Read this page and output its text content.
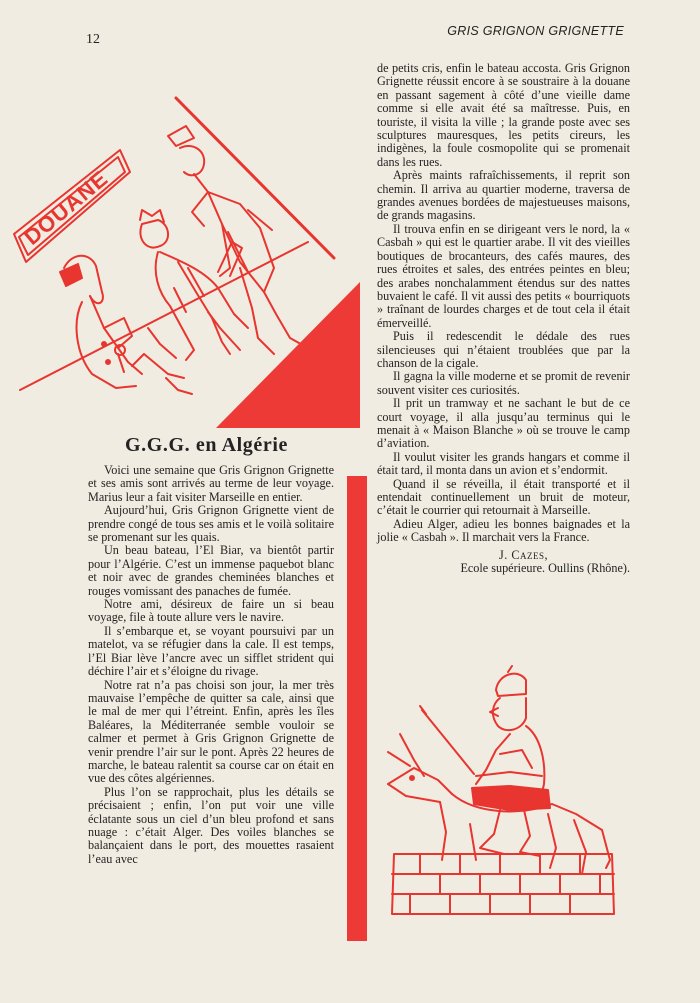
12
GRIS GRIGNON GRIGNETTE
DOUANE
G.G.G. en Algérie

Voici une semaine que Gris Grignon Grignette et ses amis sont arrivés au terme de leur voyage. Marius leur a fait visiter Marseille en entier.

Aujourd’hui, Gris Grignon Grignette vient de prendre congé de tous ses amis et le voilà solitaire se promenant sur les quais.

Un beau bateau, l’El Biar, va bientôt partir pour l’Algérie. C’est un immense paquebot blanc et noir avec de grandes cheminées blanches et rouges vomissant des panaches de fumée.

Notre ami, désireux de faire un si beau voyage, file à toute allure vers le navire.

Il s’embarque et, se voyant poursuivi par un matelot, va se réfugier dans la cale. Il est temps, l’El Biar lève l’ancre avec un sifflet strident qui déchire l’air et s’éloigne du rivage.

Notre rat n’a pas choisi son jour, la mer très mauvaise l’empêche de quitter sa cale, ainsi que le mal de mer qui l’étreint. Enfin, après les îles Baléares, la Méditerranée semble vouloir se calmer et permet à Gris Grignon Grignette de venir prendre l’air sur le pont. Après 22 heures de marche, le bateau ralentit sa course car on était en vue des côtes algériennes.

Plus l’on se rapprochait, plus les détails se précisaient ; enfin, l’on put voir une ville éclatante sous un ciel d’un bleu profond et sans nuage : c’était Alger. Des voiles blanches se balançaient dans le port, des mouettes rasaient l’eau avec

de petits cris, enfin le bateau accosta. Gris Grignon Grignette réussit encore à se soustraire à la douane en passant sagement à côté d’une vieille dame comme si elle avait été sa maîtresse. Puis, en touriste, il visita la ville ; la grande poste avec ses sculptures mauresques, les petits cireurs, les indigènes, la foule cosmopolite qui se promenait dans les rues.

Après maints rafraîchissements, il reprit son chemin. Il arriva au quartier moderne, traversa de grandes avenues bordées de majestueuses maisons, de grands magasins.

Il trouva enfin en se dirigeant vers le nord, la « Casbah » qui est le quartier arabe. Il vit des vieilles boutiques de brocanteurs, des cafés maures, des rues étroites et sales, des entrées peintes en bleu; des arabes nonchalamment étendus sur des nattes buvaient le café. Il vit aussi des petits « bourriquots » traînant de lourdes charges et de tout cela il était émerveillé.

Puis il redescendit le dédale des rues silencieuses qui n’étaient troublées que par la chanson de la cigale.

Il gagna la ville moderne et se promit de revenir souvent visiter ces curiosités.

Il prit un tramway et ne sachant le but de ce court voyage, il alla jusqu’au terminus qui le menait à « Maison Blanche » où se trouve le camp d’aviation.

Il voulut visiter les grands hangars et comme il était tard, il monta dans un avion et s’endormit.

Quand il se réveilla, il était transporté et il entendait continuellement un bruit de moteur, c’était le courrier qui retournait à Marseille.

Adieu Alger, adieu les bonnes baignades et la jolie « Casbah ». Il marchait vers la France.

J. Cazes,
Ecole supérieure. Oullins (Rhône).
